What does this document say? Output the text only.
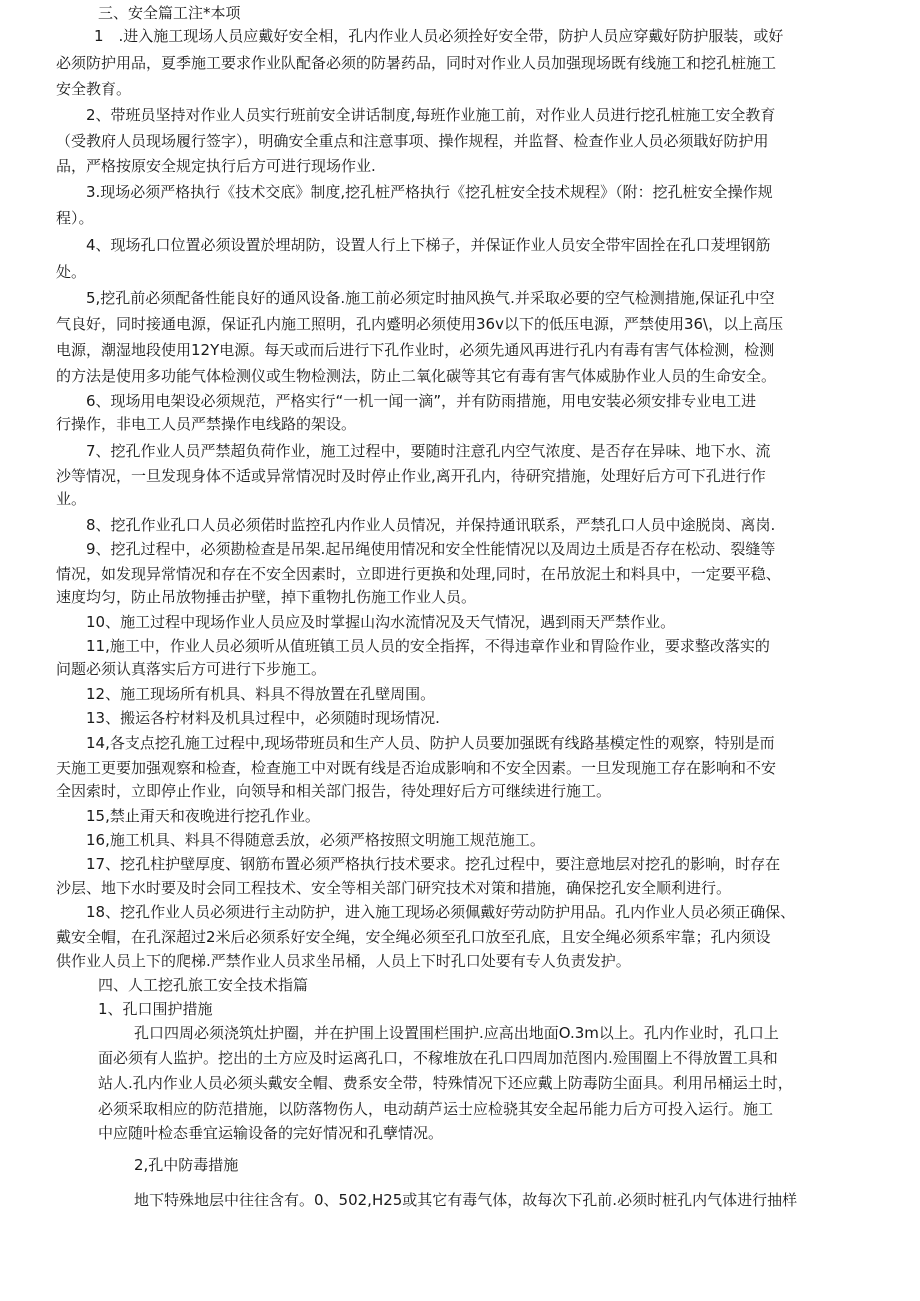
三、安全篇工注*本项
1　.进入施工现场人员应戴好安全相，孔内作业人员必须拴好安全带，防护人员应穿戴好防护服装，或好
必须防护用品，夏季施工要求作业队配备必须的防暑药品，同时对作业人员加强现场既有线施工和挖孔桩施工
安全教育。
2、带班员坚持对作业人员实行班前安全讲话制度,每班作业施工前，对作业人员进行挖孔桩施工安全教育
（受教府人员现场履行签字），明确安全重点和注意事项、操作规程，并监督、检查作业人员必须戢好防护用
品，严格按原安全规定执行后方可进行现场作业.
3.现场必须严格执行《技术交底》制度,挖孔桩严格执行《挖孔桩安全技术规程》（附：挖孔桩安全操作规
程）。
4、现场孔口位置必须设置於埋胡防，设置人行上下梯子，并保证作业人员安全带牢固拴在孔口茇埋钢筋
处。
5,挖孔前必须配备性能良好的通风设备.施工前必须定时抽风换气.并采取必要的空气检测措施,保证孔中空
气良好，同时接通电源，保证孔内施工照明，孔内蹙明必须使用36v以下的低压电源，严禁使用36\，以上高压
电源，潮湿地段使用12Y电源。每天或而后进行下孔作业时，必须先通风再进行孔内有毒有害气体检测，检测
的方法是使用多功能气体检测仪或生物检测法，防止二氧化碳等其它有毒有害气体威胁作业人员的生命安全。
6、现场用电架设必须规范，严格实行“一机一闻一滴”，并有防雨措施，用电安装必须安排专业电工进
行操作，非电工人员严禁操作电线路的架设。
7、挖孔作业人员严禁超负荷作业，施工过程中，要随时注意孔内空气浓度、是否存在异味、地下水、流
沙等情况，一旦发现身体不适或异常情况时及时停止作业,离开孔内，待研究措施，处理好后方可下孔进行作
业。
8、挖孔作业孔口人员必须偌时监控孔内作业人员情况，并保持通讯联系，严禁孔口人员中途脱岗、离岗.
9、挖孔过程中，必须勘检查是吊架.起吊绳使用情况和安全性能情况以及周边土质是否存在松动、裂缝等
情况，如发现异常情况和存在不安全因素时，立即进行更换和处理,同时，在吊放泥土和料具中，一定要平稳、
速度均匀，防止吊放物捶击护壁，掉下重物扎伤施工作业人员。
10、施工过程中现场作业人员应及时掌握山沟水流情况及天气情况，遇到雨天严禁作业。
11,施工中，作业人员必须听从值班镇工员人员的安全指挥，不得违章作业和胃险作业，要求整改落实的
问题必须认真落实后方可进行下步施工。
12、施工现场所有机具、料具不得放置在孔壁周围。
13、搬运各柠材料及机具过程中，必须随时现场情况.
14,各支点挖孔施工过程中,现场带班员和生产人员、防护人员要加强既有线路基模定性的观察，特别是而
天施工更要加强观察和检查，检查施工中对既有线是否迨成影响和不安全因素。一旦发现施工存在影响和不安
全因索时，立即停止作业，向领导和相关部门报告，待处理好后方可继续进行施工。
15,禁止甭天和夜晚进行挖孔作业。
16,施工机具、料具不得随意丢放，必须严格按照文明施工规范施工。
17、挖孔柱护壁厚度、钢筋布置必须严格执行技术要求。挖孔过程中，要注意地层对挖孔的影响，时存在
沙层、地下水时要及时会同工程技术、安全等相关部门研究技术对策和措施，确保挖孔安全顺利进行。
18、挖孔作业人员必须进行主动防护，进入施工现场必须佩戴好劳动防护用品。孔内作业人员必须正确保、
戴安全帽，在孔深超过2米后必须系好安全绳，安全绳必须至孔口放至孔底，且安全绳必须系牢靠；孔内须设
供作业人员上下的爬梯.严禁作业人员求坐吊桶，人员上下时孔口处要有专人负责发护。
四、人工挖孔旅工安全技术指篇
1、孔口围护措施
孔口四周必须浇筑灶护圈，并在护围上设置围栏围护.应高出地面O.3m以上。孔内作业时，孔口上
面必须有人监护。挖出的土方应及时运离孔口，不稼堆放在孔口四周加范图内.殓围圈上不得放置工具和
站人.孔内作业人员必须头戴安全帽、费系安全带，特殊情况下还应戴上防毒防尘面具。利用吊桶运土时，
必须采取相应的防范措施，以防落物伤人，电动葫芦运士应检骁其安全起吊能力后方可投入运行。施工
中应随叶检态垂宜运输设备的完好情况和孔孽情况。
2,孔中防毒措施
地下特殊地层中往往含有。0、502,H25或其它有毒气体，故每次下孔前.必须时桩孔内气体进行抽样
